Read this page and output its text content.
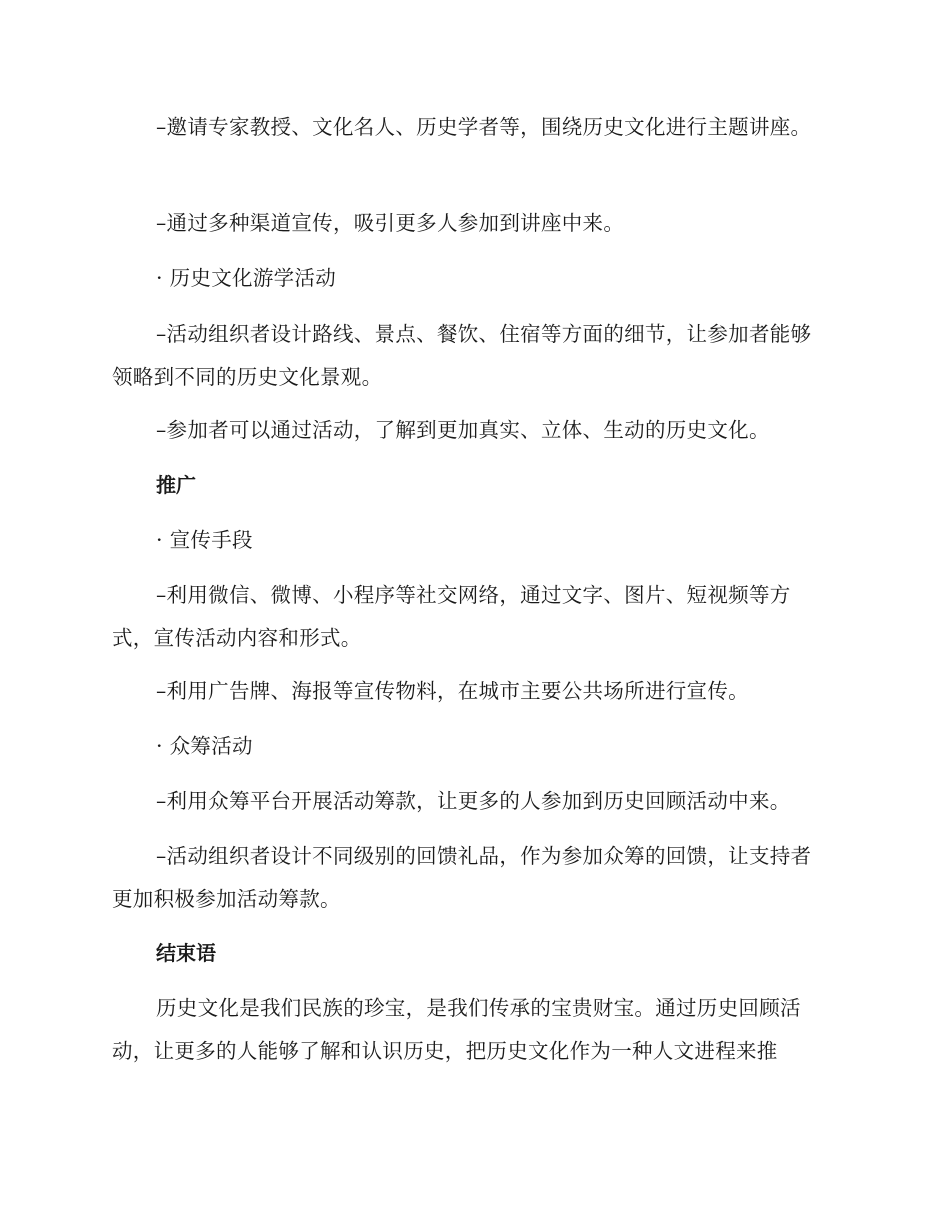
–邀请专家教授、文化名人、历史学者等，围绕历史文化进行主题讲座。

–通过多种渠道宣传，吸引更多人参加到讲座中来。

· 历史文化游学活动

–活动组织者设计路线、景点、餐饮、住宿等方面的细节，让参加者能够领略到不同的历史文化景观。

–参加者可以通过活动，了解到更加真实、立体、生动的历史文化。

推广

· 宣传手段

–利用微信、微博、小程序等社交网络，通过文字、图片、短视频等方式，宣传活动内容和形式。

–利用广告牌、海报等宣传物料，在城市主要公共场所进行宣传。

· 众筹活动

–利用众筹平台开展活动筹款，让更多的人参加到历史回顾活动中来。

–活动组织者设计不同级别的回馈礼品，作为参加众筹的回馈，让支持者更加积极参加活动筹款。

结束语

历史文化是我们民族的珍宝，是我们传承的宝贵财宝。通过历史回顾活动，让更多的人能够了解和认识历史，把历史文化作为一种人文进程来推
